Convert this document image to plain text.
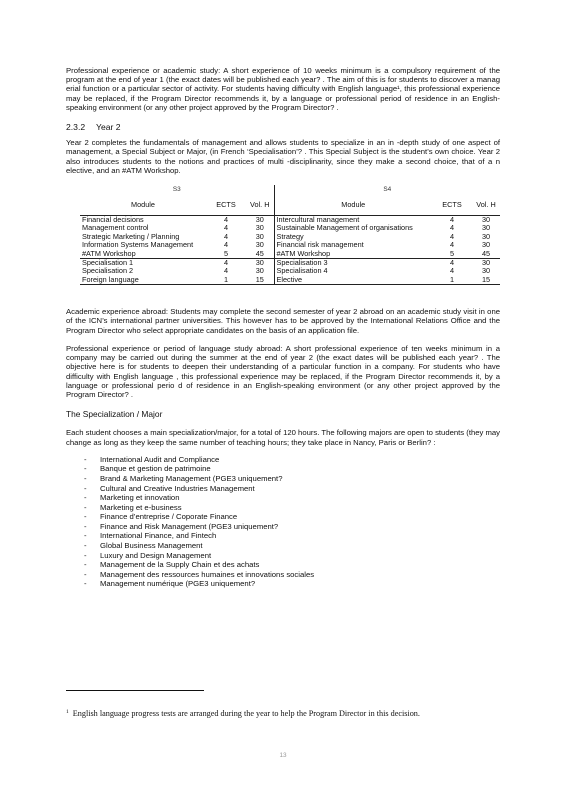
Professional experience or academic study: A short experience of 10 weeks minimum is a compulsory requirement of the program at the end of year 1 (the exact dates will be published each year? . The aim of this is for students to discover a manag erial function or a particular sector of activity. For students having difficulty with English language¹, this professional experience may be replaced, if the Program Director recommends it, by a language or professional period of residence in an English-speaking environment (or any other project approved by the Program Director? .

2.3.2 Year 2

Year 2 completes the fundamentals of management and allows students to specialize in an in -depth study of one aspect of management, a Special Subject or Major, (in French ‘Specialisation’? . This Special Subject is the student’s own choice. Year 2 also introduces students to the notions and practices of multi -disciplinarity, since they make a second choice, that of a n elective, and an #ATM Workshop.

S3			S4		
Module	ECTS	Vol. H	Module	ECTS	Vol. H
Financial decisions	4	30	Intercultural management	4	30
Management control	4	30	Sustainable Management of organisations	4	30
Strategic Marketing / Planning	4	30	Strategy	4	30
Information Systems Management	4	30	Financial risk management	4	30
#ATM Workshop	5	45	#ATM Workshop	5	45
Specialisation 1	4	30	Specialisation 3	4	30
Specialisation 2	4	30	Specialisation 4	4	30
Foreign language	1	15	Elective	1	15

Academic experience abroad: Students may complete the second semester of year 2 abroad on an academic study visit in one of the ICN’s international partner universities. This however has to be approved by the International Relations Office and the Program Director who select appropriate candidates on the basis of an application file.

Professional experience or period of language study abroad: A short professional experience of ten weeks minimum in a company may be carried out during the summer at the end of year 2 (the exact dates will be published each year? . The objective here is for students to deepen their understanding of a particular function in a company. For students who have difficulty with English language , this professional experience may be replaced, if the Program Director recommends it, by a language or professional perio d of residence in an English-speaking environment (or any other project approved by the Program Director? .

The Specialization / Major

Each student chooses a main specialization/major, for a total of 120 hours. The following majors are open to students (they may change as long as they keep the same number of teaching hours; they take place in Nancy, Paris or Berlin? :

- International Audit and Compliance
- Banque et gestion de patrimoine
- Brand & Marketing Management (PGE3 uniquement?
- Cultural and Creative Industries Management
- Marketing et innovation
- Marketing et e-business
- Finance d’entreprise / Coporate Finance
- Finance and Risk Management (PGE3 uniquement?
- International Finance, and Fintech
- Global Business Management
- Luxury and Design Management
- Management de la Supply Chain et des achats
- Management des ressources humaines et innovations sociales
- Management numérique (PGE3 uniquement?
$^1$ English language progress tests are arranged during the year to help the Program Director in this decision.
13
